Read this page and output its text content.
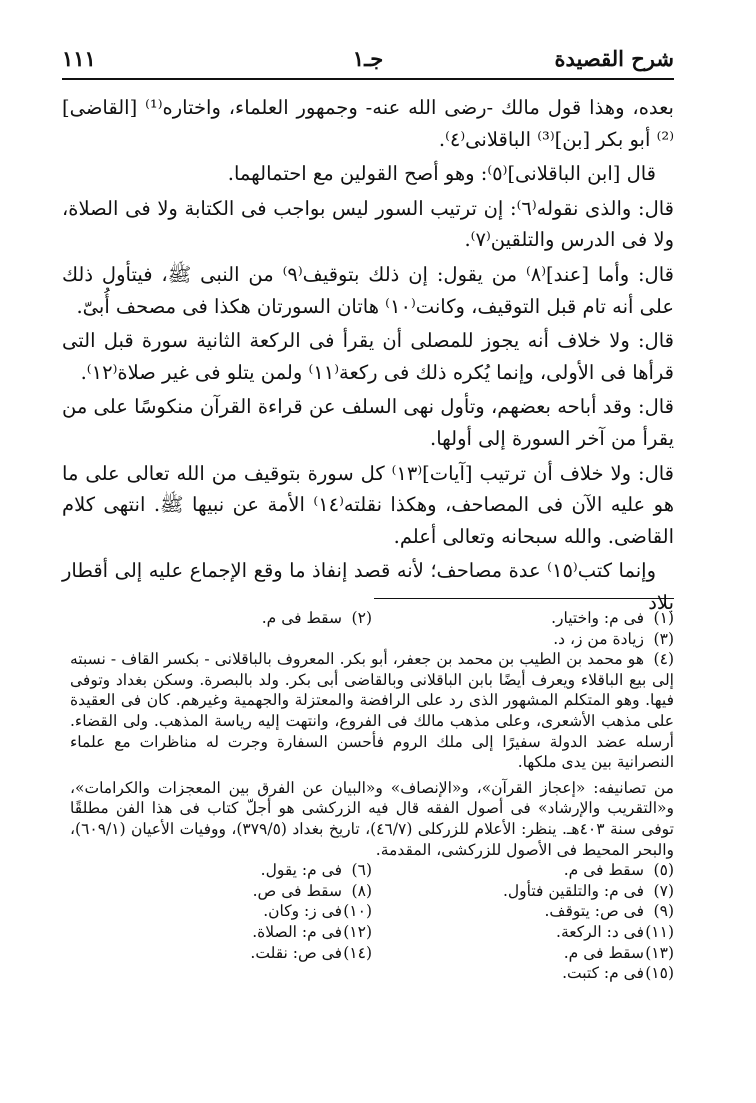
شرح القصيدة
جـ١
١١١

بعده، وهذا قول مالك -رضى الله عنه- وجمهور العلماء، واختاره⁽¹⁾ [القاضى]⁽²⁾ أبو بكر [بن]⁽³⁾ الباقلانى⁽٤⁾.

قال [ابن الباقلانى]⁽٥⁾: وهو أصح القولين مع احتمالهما.

قال: والذى نقوله⁽٦⁾: إن ترتيب السور ليس بواجب فى الكتابة ولا فى الصلاة، ولا فى الدرس والتلقين⁽٧⁾.

قال: وأما [عند]⁽٨⁾ من يقول: إن ذلك بتوقيف⁽٩⁾ من النبى ﷺ، فيتأول ذلك على أنه تام قبل التوقيف، وكانت⁽١٠⁾ هاتان السورتان هكذا فى مصحف أُبىّ.

قال: ولا خلاف أنه يجوز للمصلى أن يقرأ فى الركعة الثانية سورة قبل التى قرأها فى الأولى، وإنما يُكره ذلك فى ركعة⁽١١⁾ ولمن يتلو فى غير صلاة⁽١٢⁾.

قال: وقد أباحه بعضهم، وتأول نهى السلف عن قراءة القرآن منكوسًا على من يقرأ من آخر السورة إلى أولها.

قال: ولا خلاف أن ترتيب [آيات]⁽١٣⁾ كل سورة بتوقيف من الله تعالى على ما هو عليه الآن فى المصاحف، وهكذا نقلته⁽١٤⁾ الأمة عن نبيها ﷺ. انتهى كلام القاضى. والله سبحانه وتعالى أعلم.

وإنما كتب⁽١٥⁾ عدة مصاحف؛ لأنه قصد إنفاذ ما وقع الإجماع عليه إلى أقطار بلاد

(١)فى م: واختيار.
(٢)سقط فى م.
(٣)زيادة من ز، د.

(٤)هو محمد بن الطيب بن محمد بن جعفر، أبو بكر. المعروف بالباقلانى - بكسر القاف - نسبته إلى بيع الباقلاء ويعرف أيضًا بابن الباقلانى وبالقاضى أبى بكر. ولد بالبصرة. وسكن بغداد وتوفى فيها. وهو المتكلم المشهور الذى رد على الرافضة والمعتزلة والجهمية وغيرهم. كان فى العقيدة على مذهب الأشعرى، وعلى مذهب مالك فى الفروع، وانتهت إليه رياسة المذهب. ولى القضاء. أرسله عضد الدولة سفيرًا إلى ملك الروم فأحسن السفارة وجرت له مناظرات مع علماء النصرانية بين يدى ملكها.

من تصانيفه: «إعجاز القرآن»، و«الإنصاف» و«البيان عن الفرق بين المعجزات والكرامات»، و«التقريب والإرشاد» فى أصول الفقه قال فيه الزركشى هو أجلّ كتاب فى هذا الفن مطلقًا توفى سنة ٤٠٣هـ. ينظر: الأعلام للزركلى (٤٦/٧)، تاريخ بغداد (٣٧٩/٥)، ووفيات الأعيان (٦٠٩/١)، والبحر المحيط فى الأصول للزركشى، المقدمة.

(٥)سقط فى م.
(٦)فى م: يقول.
(٧)فى م: والتلقين فتأول.
(٨)سقط فى ص.
(٩)فى ص: يتوقف.
(١٠)فى ز: وكان.
(١١)فى د: الركعة.
(١٢)فى م: الصلاة.
(١٣)سقط فى م.
(١٤)فى ص: نقلت.
(١٥)فى م: كتبت.
